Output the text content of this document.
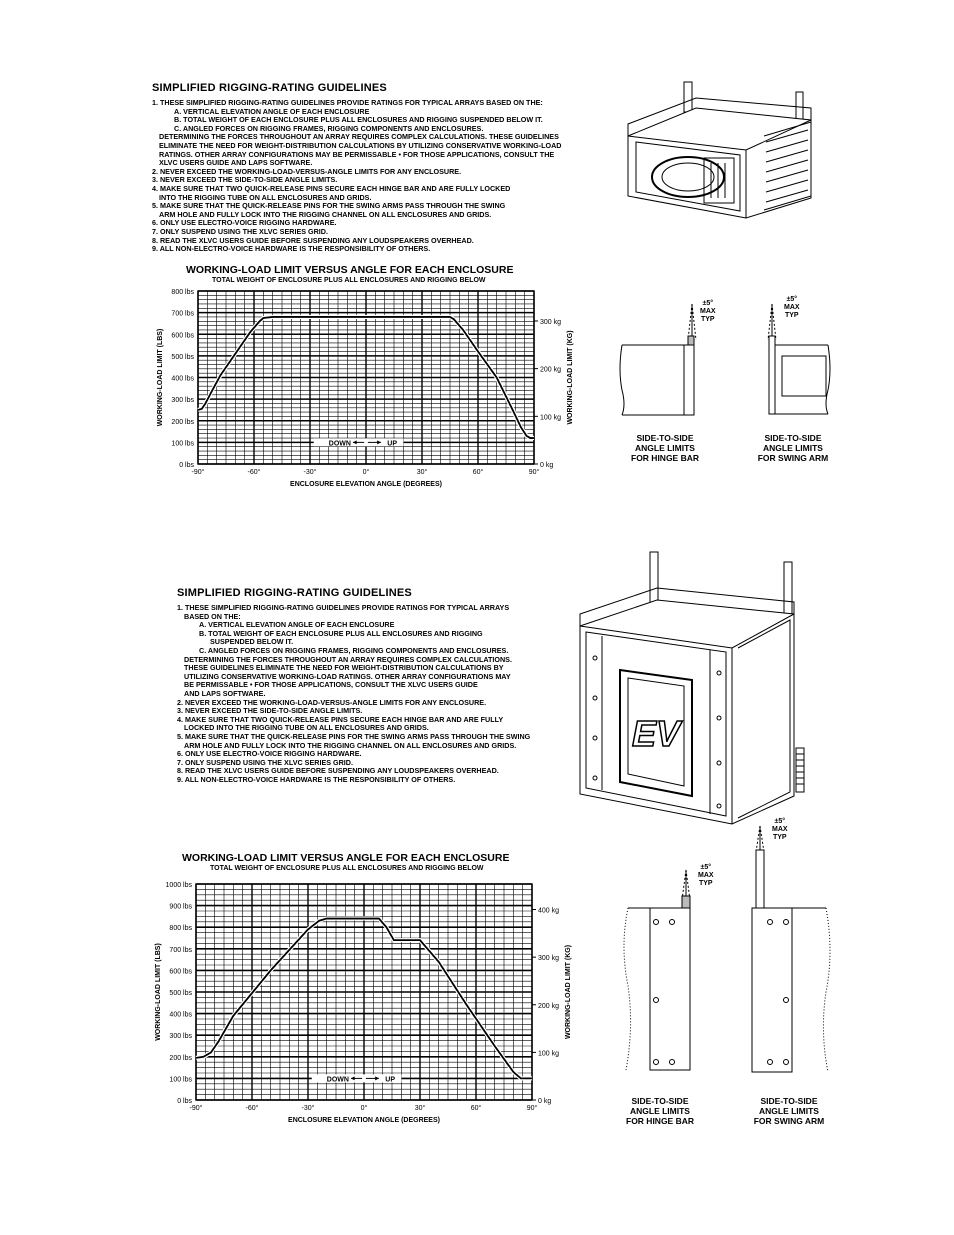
SIMPLIFIED RIGGING-RATING GUIDELINES
1. THESE SIMPLIFIED RIGGING-RATING GUIDELINES PROVIDE RATINGS FOR TYPICAL ARRAYS BASED ON THE:
A. VERTICAL ELEVATION ANGLE OF EACH ENCLOSURE
B. TOTAL WEIGHT OF EACH ENCLOSURE PLUS ALL ENCLOSURES AND RIGGING SUSPENDED BELOW IT.
C. ANGLED FORCES ON RIGGING FRAMES, RIGGING COMPONENTS AND ENCLOSURES.
DETERMINING THE FORCES THROUGHOUT AN ARRAY REQUIRES COMPLEX CALCULATIONS. THESE GUIDELINES
ELIMINATE THE NEED FOR WEIGHT-DISTRIBUTION CALCULATIONS BY UTILIZING CONSERVATIVE WORKING-LOAD
RATINGS. OTHER ARRAY CONFIGURATIONS MAY BE PERMISSABLE • FOR THOSE APPLICATIONS, CONSULT THE
XLVC USERS GUIDE AND LAPS SOFTWARE.
2. NEVER EXCEED THE WORKING-LOAD-VERSUS-ANGLE LIMITS FOR ANY ENCLOSURE.
3. NEVER EXCEED THE SIDE-TO-SIDE ANGLE LIMITS.
4. MAKE SURE THAT TWO QUICK-RELEASE PINS SECURE EACH HINGE BAR AND ARE FULLY LOCKED
INTO THE RIGGING TUBE ON ALL ENCLOSURES AND GRIDS.
5. MAKE SURE THAT THE QUICK-RELEASE PINS FOR THE SWING ARMS PASS THROUGH THE SWING
ARM HOLE AND FULLY LOCK INTO THE RIGGING CHANNEL ON ALL ENCLOSURES AND GRIDS.
6. ONLY USE ELECTRO-VOICE RIGGING HARDWARE.
7. ONLY SUSPEND USING THE XLVC SERIES GRID.
8. READ THE XLVC USERS GUIDE BEFORE SUSPENDING ANY LOUDSPEAKERS OVERHEAD.
9. ALL NON-ELECTRO-VOICE HARDWARE IS THE RESPONSIBILITY OF OTHERS.
WORKING-LOAD LIMIT VERSUS ANGLE FOR EACH ENCLOSURE
TOTAL WEIGHT OF ENCLOSURE PLUS ALL ENCLOSURES AND RIGGING BELOW
0 lbs
100 lbs
200 lbs
300 lbs
400 lbs
500 lbs
600 lbs
700 lbs
800 lbs
0 kg
100 kg
200 kg
300 kg
-90°	-60°	-30°	0°	30°	60°	90°
ENCLOSURE ELEVATION ANGLE (DEGREES)
WORKING-LOAD LIMIT (LBS)	WORKING-LOAD LIMIT (KG)
DOWN	UP
±5°
MAX
TYP
SIDE-TO-SIDE
ANGLE LIMITS
FOR HINGE BAR
±5°
MAX
TYP
SIDE-TO-SIDE
ANGLE LIMITS
FOR SWING ARM
SIMPLIFIED RIGGING-RATING GUIDELINES
1. THESE SIMPLIFIED RIGGING-RATING GUIDELINES PROVIDE RATINGS FOR TYPICAL ARRAYS
BASED ON THE:
A. VERTICAL ELEVATION ANGLE OF EACH ENCLOSURE
B. TOTAL WEIGHT OF EACH ENCLOSURE PLUS ALL ENCLOSURES AND RIGGING
SUSPENDED BELOW IT.
C. ANGLED FORCES ON RIGGING FRAMES, RIGGING COMPONENTS AND ENCLOSURES.
DETERMINING THE FORCES THROUGHOUT AN ARRAY REQUIRES COMPLEX CALCULATIONS.
THESE GUIDELINES ELIMINATE THE NEED FOR WEIGHT-DISTRIBUTION CALCULATIONS BY
UTILIZING CONSERVATIVE WORKING-LOAD RATINGS. OTHER ARRAY CONFIGURATIONS MAY
BE PERMISSABLE • FOR THOSE APPLICATIONS, CONSULT THE XLVC USERS GUIDE
AND LAPS SOFTWARE.
2. NEVER EXCEED THE WORKING-LOAD-VERSUS-ANGLE LIMITS FOR ANY ENCLOSURE.
3. NEVER EXCEED THE SIDE-TO-SIDE ANGLE LIMITS.
4. MAKE SURE THAT TWO QUICK-RELEASE PINS SECURE EACH HINGE BAR AND ARE FULLY
LOCKED INTO THE RIGGING TUBE ON ALL ENCLOSURES AND GRIDS.
5. MAKE SURE THAT THE QUICK-RELEASE PINS FOR THE SWING ARMS PASS THROUGH THE SWING
ARM HOLE AND FULLY LOCK INTO THE RIGGING CHANNEL ON ALL ENCLOSURES AND GRIDS.
6. ONLY USE ELECTRO-VOICE RIGGING HARDWARE.
7. ONLY SUSPEND USING THE XLVC SERIES GRID.
8. READ THE XLVC USERS GUIDE BEFORE SUSPENDING ANY LOUDSPEAKERS OVERHEAD.
9. ALL NON-ELECTRO-VOICE HARDWARE IS THE RESPONSIBILITY OF OTHERS.
EV
WORKING-LOAD LIMIT VERSUS ANGLE FOR EACH ENCLOSURE
TOTAL WEIGHT OF ENCLOSURE PLUS ALL ENCLOSURES AND RIGGING BELOW
0 lbs
100 lbs
200 lbs
300 lbs
400 lbs
500 lbs
600 lbs
700 lbs
800 lbs
900 lbs
1000 lbs
0 kg
100 kg
200 kg
300 kg
400 kg
-90°	-60°	-30°	0°	30°	60°	90°
ENCLOSURE ELEVATION ANGLE (DEGREES)
WORKING-LOAD LIMIT (LBS)	WORKING-LOAD LIMIT (KG)
DOWN	UP
±5°
MAX
TYP
SIDE-TO-SIDE
ANGLE LIMITS
FOR HINGE BAR
±5°
MAX
TYP
SIDE-TO-SIDE
ANGLE LIMITS
FOR SWING ARM
